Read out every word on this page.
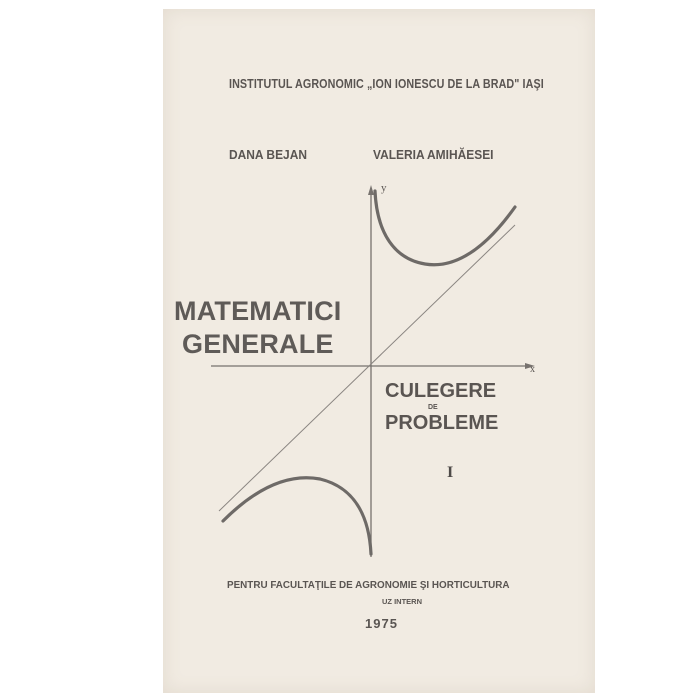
y
x
INSTITUTUL AGRONOMIC „ION IONESCU DE LA BRAD" IAŞI
DANA BEJAN	VALERIA AMIHĂESEI
MATEMATICI
GENERALE
CULEGERE
DE
PROBLEME
I
PENTRU FACULTAŢILE DE AGRONOMIE ŞI HORTICULTURA
UZ INTERN
1975
